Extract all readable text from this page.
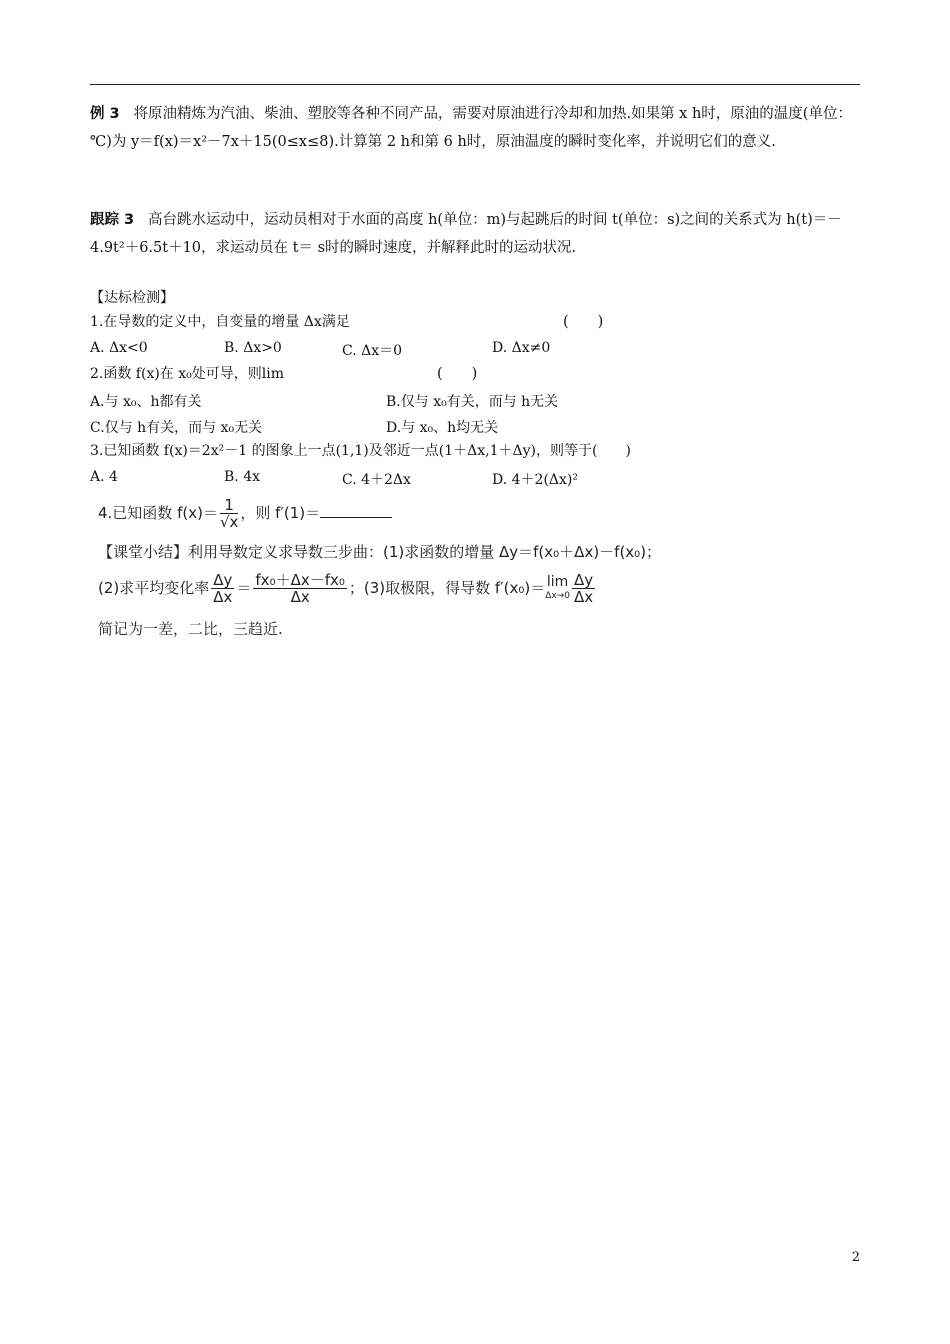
例 3 将原油精炼为汽油、柴油、塑胶等各种不同产品，需要对原油进行冷却和加热.如果第 x h时，原油的温度(单位：℃)为 y＝f(x)＝x²－7x＋15(0≤x≤8).计算第 2 h和第 6 h时，原油温度的瞬时变化率，并说明它们的意义.

跟踪 3 高台跳水运动中，运动员相对于水面的高度 h(单位：m)与起跳后的时间 t(单位：s)之间的关系式为 h(t)＝－4.9t²＋6.5t＋10，求运动员在 t＝ s时的瞬时速度，并解释此时的运动状况.

【达标检测】
1.在导数的定义中，自变量的增量 Δx满足	(　　)
A. Δx<0	B. Δx>0	C. Δx＝0	D. Δx≠0
2.函数 f(x)在 x₀处可导，则lim	(　　)
A.与 x₀、h都有关	B.仅与 x₀有关，而与 h无关
C.仅与 h有关，而与 x₀无关	D.与 x₀、h均无关
3.已知函数 f(x)＝2x²－1 的图象上一点(1,1)及邻近一点(1＋Δx,1＋Δy)，则等于(　　)
A. 4	B. 4x	C. 4＋2Δx	D. 4＋2(Δx)²
4.已知函数 $f(x)= \frac{1}{√x}$ ，则 f′(1)＝
【课堂小结】利用导数定义求导数三步曲：(1)求函数的增量 Δy＝f(x₀＋Δx)－f(x₀)；
(2)求平均变化率 $\frac{\Delta y}{\Delta x} = \frac{\text{fx₀＋Δx－fx₀}}{\Delta x}$ ；(3)取极限，得导数 f′(x₀)＝ lim
$\Delta x\to 0 \frac{\Delta y}{\Delta x}$
简记为一差，二比，三趋近.
2
